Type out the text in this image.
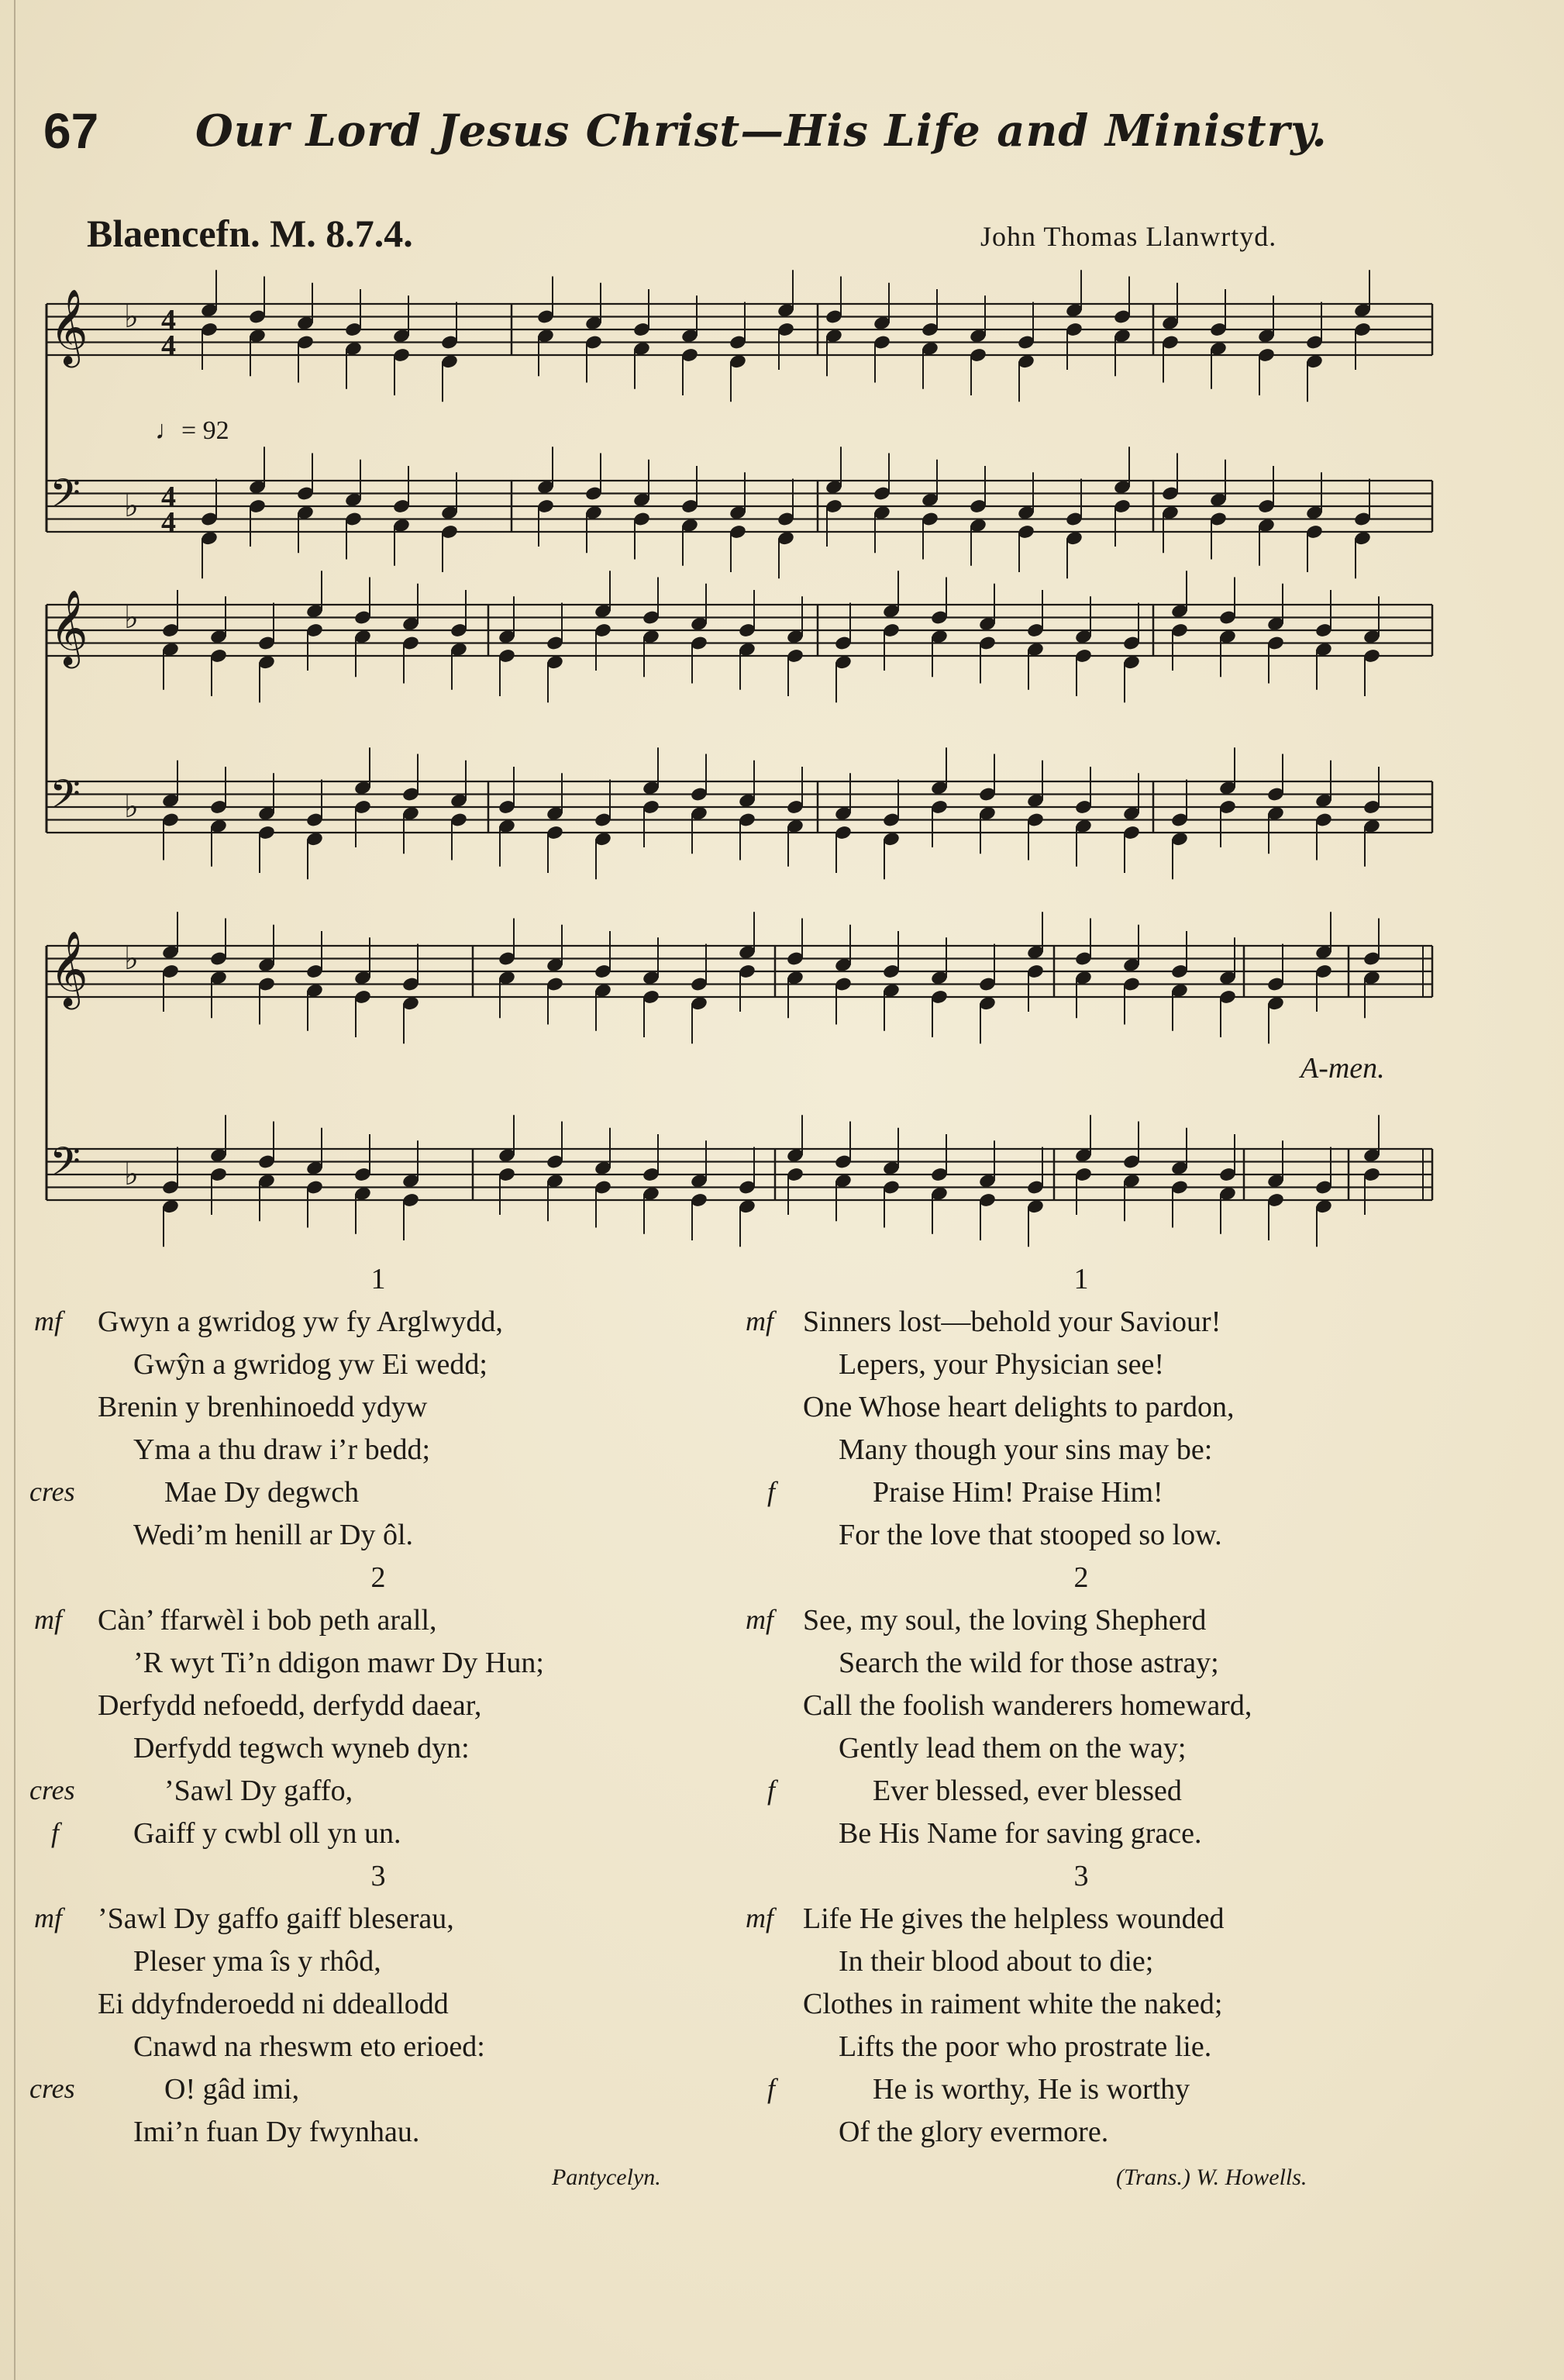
67 Our Lord Jesus Christ—His Life and Ministry.
Blaencefn. M. 8.7.4.	John Thomas Llanwrtyd.
𝄞 ♭ 4
4
𝄢 ♭ 4
4
𝄞 ♭
𝄢 ♭
𝄞 ♭
𝄢 ♭
♩= 92
A-men.
1
mf Gwyn a gwridog yw fy Arglwydd,
Gwŷn a gwridog yw Ei wedd;
Brenin y brenhinoedd ydyw
Yma a thu draw i’r bedd;
cres	Mae Dy degwch
Wedi’m henill ar Dy ôl.
2
mf Càn’ ffarwèl i bob peth arall,
’R wyt Ti’n ddigon mawr Dy Hun;
Derfydd nefoedd, derfydd daear,
Derfydd tegwch wyneb dyn:
cres	’Sawl Dy gaffo,
f	Gaiff y cwbl oll yn un.
3
mf ’Sawl Dy gaffo gaiff bleserau,
Pleser yma îs y rhôd,
Ei ddyfnderoedd ni ddeallodd
Cnawd na rheswm eto erioed:
cres	O! gâd imi,
Imi’n fuan Dy fwynhau.
Pantycelyn.
1
mf Sinners lost—behold your Saviour!
Lepers, your Physician see!
One Whose heart delights to pardon,
Many though your sins may be:
f	Praise Him! Praise Him!
For the love that stooped so low.
2
mf See, my soul, the loving Shepherd
Search the wild for those astray;
Call the foolish wanderers homeward,
Gently lead them on the way;
f	Ever blessed, ever blessed
Be His Name for saving grace.
3
mf Life He gives the helpless wounded
In their blood about to die;
Clothes in raiment white the naked;
Lifts the poor who prostrate lie.
f	He is worthy, He is worthy
Of the glory evermore.
(Trans.) W. Howells.
